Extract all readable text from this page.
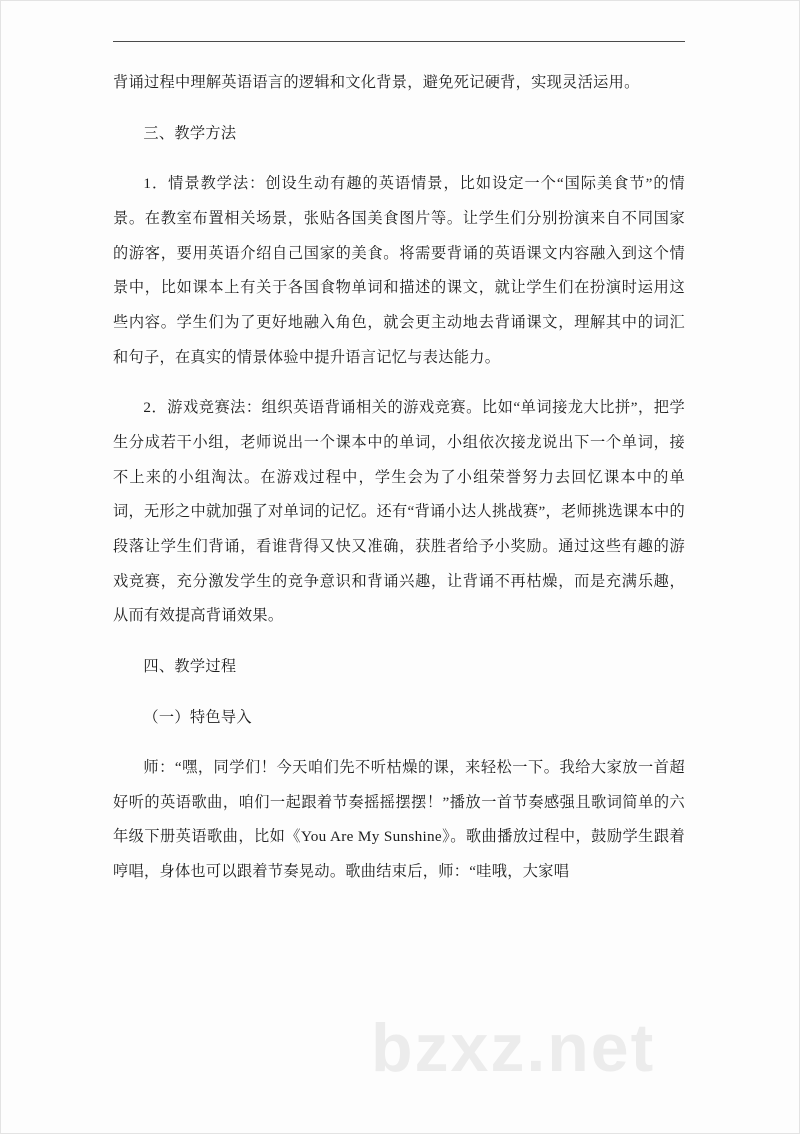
背诵过程中理解英语语言的逻辑和文化背景，避免死记硬背，实现灵活运用。

三、教学方法

1．情景教学法：创设生动有趣的英语情景，比如设定一个“国际美食节”的情景。在教室布置相关场景，张贴各国美食图片等。让学生们分别扮演来自不同国家的游客，要用英语介绍自己国家的美食。将需要背诵的英语课文内容融入到这个情景中，比如课本上有关于各国食物单词和描述的课文，就让学生们在扮演时运用这些内容。学生们为了更好地融入角色，就会更主动地去背诵课文，理解其中的词汇和句子，在真实的情景体验中提升语言记忆与表达能力。

2．游戏竞赛法：组织英语背诵相关的游戏竞赛。比如“单词接龙大比拼”，把学生分成若干小组，老师说出一个课本中的单词，小组依次接龙说出下一个单词，接不上来的小组淘汰。在游戏过程中，学生会为了小组荣誉努力去回忆课本中的单词，无形之中就加强了对单词的记忆。还有“背诵小达人挑战赛”，老师挑选课本中的段落让学生们背诵，看谁背得又快又准确，获胜者给予小奖励。通过这些有趣的游戏竞赛，充分激发学生的竞争意识和背诵兴趣，让背诵不再枯燥，而是充满乐趣，从而有效提高背诵效果。

四、教学过程

（一）特色导入

师：“嘿，同学们！今天咱们先不听枯燥的课，来轻松一下。我给大家放一首超好听的英语歌曲，咱们一起跟着节奏摇摇摆摆！”播放一首节奏感强且歌词简单的六年级下册英语歌曲，比如《You Are My Sunshine》。歌曲播放过程中，鼓励学生跟着哼唱，身体也可以跟着节奏晃动。歌曲结束后，师：“哇哦，大家唱

bzxz.net
